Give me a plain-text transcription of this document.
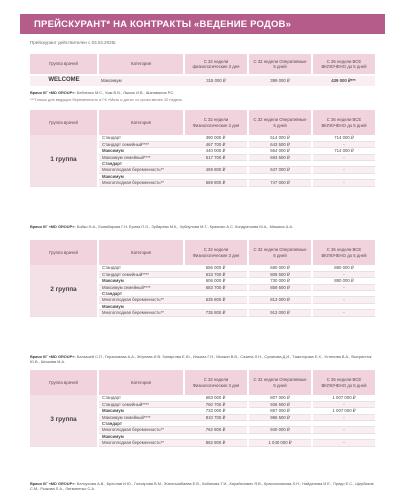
ПРЕЙСКУРАНТ* НА КОНТРАКТЫ «ВЕДЕНИЕ РОДОВ»
Прейскурант действителен с 03.04.2025г.
Группа врачей	Категория	С 32 недели физиологические 3 дня	С 32 недели Оперативные 5 дней	С 36 недели ВСЕ ВКЛЮЧЕНО до 5 дней
WELCOME	Максимум	315 000 ₽	399 000 ₽	439 000 ₽***
Врачи КГ «MD GROUP»: Бейченко М.С., Ким В.В., Лысюк И.В., Шапавалов Р.С.
***Только для ведущих беременность в ГК «Мать и дитя» со срока менее 20 недель
Группа врачей	Категория	С 32 недели Физиологические 3 дня	С 32 недели Оперативные 5 дней	С 36 недели ВСЕ ВКЛЮЧЕНО до 5 дней
1 группа	Стандарт	390 000 ₽	514 000 ₽	714 000 ₽
	Стандарт семейный****	467 700 ₽	643 500 ₽	-
	Максимум	440 000 ₽	564 000 ₽	714 000 ₽
	Максимум семейный****	517 700 ₽	693 500 ₽	-
	Стандарт			
	Многоплодная беременность**	469 800 ₽	647 000 ₽	-
	Максимум			
	Многоплодная беременность**	569 800 ₽	747 000 ₽	-
Врачи КГ «MD GROUP»: Бойко Н.А., Екимбарова Г.Н. Ерина П.О., Зубарева М.К., Хубиулова М.Т., Краюхин А.С. Кондратьева М.А., Мишина А.А.
Группа врачей	Категория	С 32 недели Физиологические 3 дня	С 32 недели Оперативные 5 дней	С 36 недели ВСЕ ВКЛЮЧЕНО до 5 дней
2 группа	Стандарт	556 000 ₽	680 000 ₽	880 000 ₽
	Стандарт семейный****	633 700 ₽	809 500 ₽	-
	Максимум	606 000 ₽	730 000 ₽	880 000 ₽
	Максимум семейный****	683 700 ₽	859 500 ₽	-
	Стандарт			
	Многоплодная беременность**	635 800 ₽	813 000 ₽	-
	Максимум			
	Многоплодная беременность**	735 800 ₽	913 000 ₽	-
Врачи КГ «MD GROUP»: Балышей С.П., Герасимова А.А., Жгулева И.В. Запаргова Е.Ю., Ильина Г.Н., Мискин В.В., Сазина Л.Н., Суханова Д.И., Тажегорова Е.Х., Устинова В.А., Выхристюк Ю.В., Шишова М.А.
Группа врачей	Категория	С 32 недели Физиологические 3 дня	С 32 недели Оперативные 5 дней	С 36 недели ВСЕ ВКЛЮЧЕНО до 5 дней
3 группа	Стандарт	683 000 ₽	807 000 ₽	1 007 000 ₽
	Стандарт семейный****	760 700 ₽	936 500 ₽	-
	Максимум	733 000 ₽	857 000 ₽	1 007 000 ₽
	Максимум семейный****	810 700 ₽	986 500 ₽	-
	Стандарт			
	Многоплодная беременность**	762 800 ₽	940 000 ₽	-
	Максимум			
	Многоплодная беременность**	862 800 ₽	1 040 000 ₽	-
Врачи КГ «MD GROUP»: Белоусова А.В., Бреслав И.Ю., Гончарова В.М., Жиганшибаева Е.В., Кабанова Т.И., Карабанович Я.В., Красильникова Л.Н., Найденова И.Е., Предо Е.С., Щербаков С.М., Рыжова Л.А., Литвиненко С.А.
